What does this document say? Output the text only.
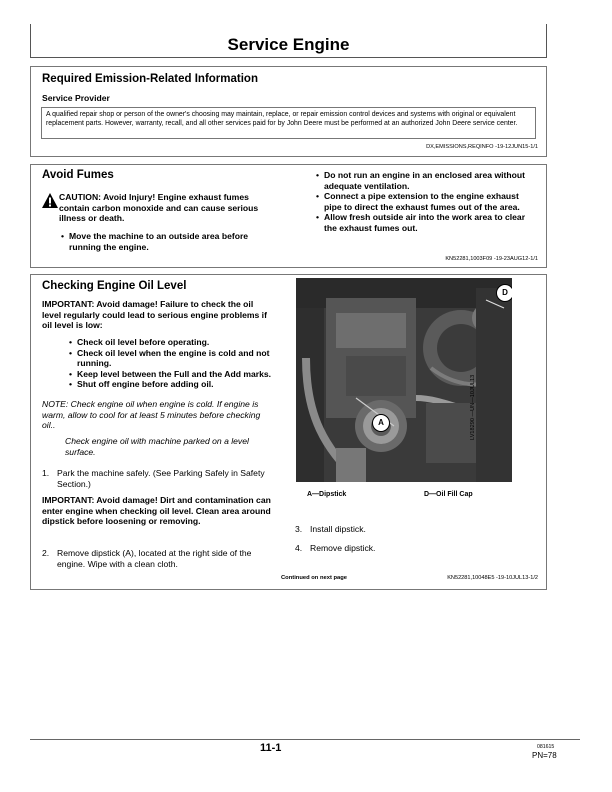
Service Engine
Required Emission-Related Information
Service Provider
A qualified repair shop or person of the owner's choosing may maintain, replace, or repair emission control devices and systems with original or equivalent replacement parts. However, warranty, recall, and all other services paid for by John Deere must be performed at an authorized John Deere service center.
DX,EMISSIONS,REQINFO -19-12JUN15-1/1
Avoid Fumes
CAUTION: Avoid Injury! Engine exhaust fumes contain carbon monoxide and can cause serious illness or death.
• Move the machine to an outside area before running the engine.
• Do not run an engine in an enclosed area without adequate ventilation.
• Connect a pipe extension to the engine exhaust pipe to direct the exhaust fumes out of the area.
• Allow fresh outside air into the work area to clear the exhaust fumes out.
KN52281,1003F09 -19-23AUG12-1/1
Checking Engine Oil Level
IMPORTANT: Avoid damage! Failure to check the oil level regularly could lead to serious engine problems if oil level is low:
• Check oil level before operating.
• Check oil level when the engine is cold and not running.
• Keep level between the Full and the Add marks.
• Shut off engine before adding oil.
NOTE: Check engine oil when engine is cold. If engine is warm, allow to cool for at least 5 minutes before checking oil..
Check engine oil with machine parked on a level surface.
1. Park the machine safely. (See Parking Safely in Safety Section.)
IMPORTANT: Avoid damage! Dirt and contamination can enter engine when checking oil level. Clean area around dipstick before loosening or removing.
2. Remove dipstick (A), located at the right side of the engine. Wipe with a clean cloth.
3. Install dipstick.
4. Remove dipstick.
A—Dipstick	D—Oil Fill Cap
Continued on next page	KN52281,10048E5 -19-10JUL13-1/2
A
D
LV18290 —UN—10JUL13
11-1	081615
PN=78
